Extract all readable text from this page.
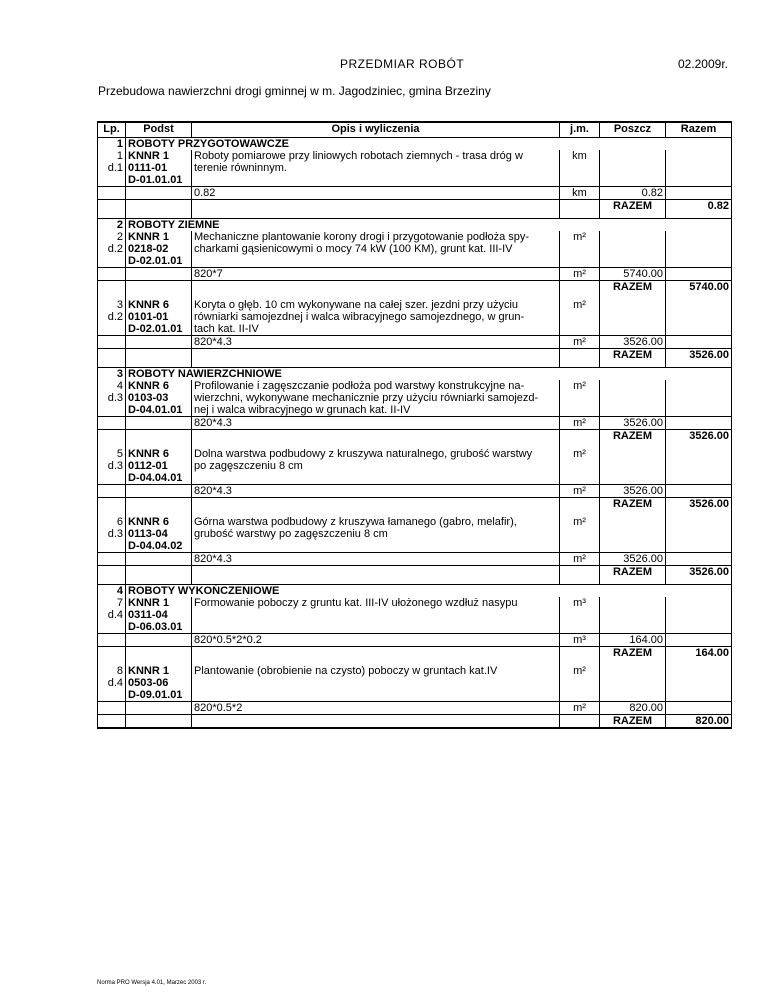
PRZEDMIAR ROBÓT	02.2009r.
Przebudowa nawierzchni drogi gminnej w m. Jagodziniec, gmina Brzeziny
Lp.	Podst	Opis i wyliczenia	j.m.	Poszcz	Razem
1	ROBOTY PRZYGOTOWAWCZE				
1	KNNR 1	Roboty pomiarowe przy liniowych robotach ziemnych - trasa dróg w	km		
d.1	0111-01	terenie równinnym.			
	D-01.01.01				
		0.82	km	0.82	
				RAZEM	0.82

2	ROBOTY ZIEMNE				
2	KNNR 1	Mechaniczne plantowanie korony drogi i przygotowanie podłoża spy-	m²		
d.2	0218-02	charkami gąsienicowymi o mocy 74 kW (100 KM), grunt kat. III-IV			
	D-02.01.01				
		820*7	m²	5740.00	
				RAZEM	5740.00

3	KNNR 6	Koryta o głęb. 10 cm wykonywane na całej szer. jezdni przy użyciu	m²		
d.2	0101-01	równiarki samojezdnej i walca wibracyjnego samojezdnego, w grun-			
	D-02.01.01	tach kat. II-IV			
		820*4.3	m²	3526.00	
				RAZEM	3526.00

3	ROBOTY NAWIERZCHNIOWE				
4	KNNR 6	Profilowanie i zagęszczanie podłoża pod warstwy konstrukcyjne na-	m²		
d.3	0103-03	wierzchni, wykonywane mechanicznie przy użyciu równiarki samojezd-			
	D-04.01.01	nej i walca wibracyjnego w grunach kat. II-IV			
		820*4.3	m²	3526.00	
				RAZEM	3526.00

5	KNNR 6	Dolna warstwa podbudowy z kruszywa naturalnego, grubość warstwy	m²		
d.3	0112-01	po zagęszczeniu 8 cm			
	D-04.04.01				
		820*4.3	m²	3526.00	
				RAZEM	3526.00

6	KNNR 6	Górna warstwa podbudowy z kruszywa łamanego (gabro, melafir),	m²		
d.3	0113-04	grubość warstwy po zagęszczeniu 8 cm			
	D-04.04.02				
		820*4.3	m²	3526.00	
				RAZEM	3526.00

4	ROBOTY WYKOŃCZENIOWE				
7	KNNR 1	Formowanie poboczy z gruntu kat. III-IV ułożonego wzdłuż nasypu	m³		
d.4	0311-04				
	D-06.03.01				
		820*0.5*2*0.2	m³	164.00	
				RAZEM	164.00

8	KNNR 1	Plantowanie (obrobienie na czysto) poboczy w gruntach kat.IV	m²		
d.4	0503-06				
	D-09.01.01				
		820*0.5*2	m²	820.00	
				RAZEM	820.00
Norma PRO Wersja 4.01, Marzec 2003 r.
